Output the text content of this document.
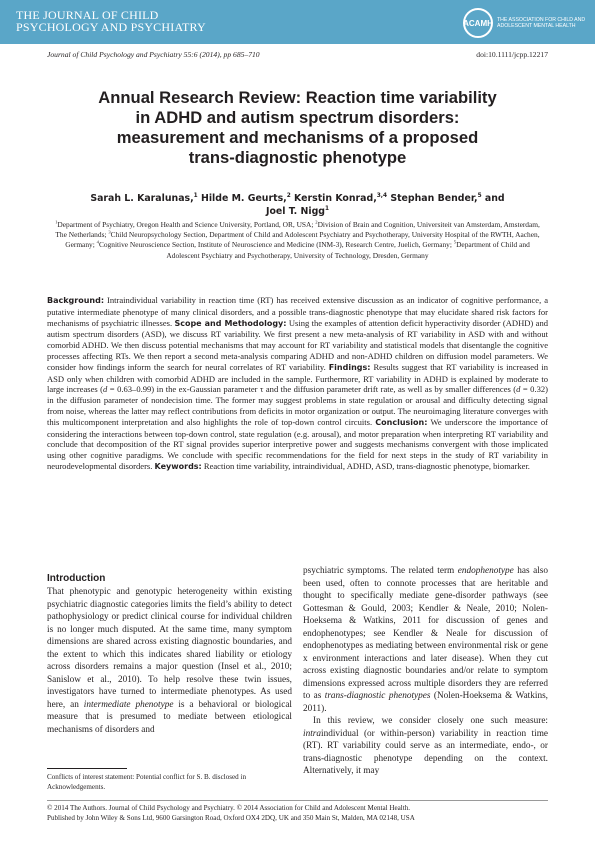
THE JOURNAL OF CHILD
PSYCHOLOGY AND PSYCHIATRY	ACAMH THE ASSOCIATION FOR CHILD AND ADOLESCENT MENTAL HEALTH
Journal of Child Psychology and Psychiatry 55:6 (2014), pp 685–710	doi:10.1111/jcpp.12217
Annual Research Review: Reaction time variability
in ADHD and autism spectrum disorders:
measurement and mechanisms of a proposed
trans-diagnostic phenotype
Sarah L. Karalunas,$^1$ Hilde M. Geurts,$^2$ Kerstin Konrad,$^{3,4}$ Stephan Bender,$^5$ and
Joel T. Nigg$^1$
$^1$Department of Psychiatry, Oregon Health and Science University, Portland, OR, USA; $^2$Division of Brain and Cognition, Universiteit van Amsterdam, Amsterdam, The Netherlands; $^3$Child Neuropsychology Section, Department of Child and Adolescent Psychiatry and Psychotherapy, University Hospital of the RWTH, Aachen, Germany; $^4$Cognitive Neuroscience Section, Institute of Neuroscience and Medicine (INM-3), Research Centre, Juelich, Germany; $^5$Department of Child and Adolescent Psychiatry and Psychotherapy, University of Technology, Dresden, Germany
Background: Intraindividual variability in reaction time (RT) has received extensive discussion as an indicator of cognitive performance, a putative intermediate phenotype of many clinical disorders, and a possible trans-diagnostic phenotype that may elucidate shared risk factors for mechanisms of psychiatric illnesses. Scope and Methodology: Using the examples of attention deficit hyperactivity disorder (ADHD) and autism spectrum disorders (ASD), we discuss RT variability. We first present a new meta-analysis of RT variability in ASD with and without comorbid ADHD. We then discuss potential mechanisms that may account for RT variability and statistical models that disentangle the cognitive processes affecting RTs. We then report a second meta-analysis comparing ADHD and non-ADHD children on diffusion model parameters. We consider how findings inform the search for neural correlates of RT variability. Findings: Results suggest that RT variability is increased in ASD only when children with comorbid ADHD are included in the sample. Furthermore, RT variability in ADHD is explained by moderate to large increases (d = 0.63–0.99) in the ex-Gaussian parameter τ and the diffusion parameter drift rate, as well as by smaller differences (d = 0.32) in the diffusion parameter of nondecision time. The former may suggest problems in state regulation or arousal and difficulty detecting signal from noise, whereas the latter may reflect contributions from deficits in motor organization or output. The neuroimaging literature converges with this multicomponent interpretation and also highlights the role of top-down control circuits. Conclusion: We underscore the importance of considering the interactions between top-down control, state regulation (e.g. arousal), and motor preparation when interpreting RT variability and conclude that decomposition of the RT signal provides superior interpretive power and suggests mechanisms convergent with those implicated using other cognitive paradigms. We conclude with specific recommendations for the field for next steps in the study of RT variability in neurodevelopmental disorders. Keywords: Reaction time variability, intraindividual, ADHD, ASD, trans-diagnostic phenotype, biomarker.
Introduction

That phenotypic and genotypic heterogeneity within existing psychiatric diagnostic categories limits the field’s ability to detect pathophysiology or predict clinical course for individual children is no longer much disputed. At the same time, many symptom dimensions are shared across existing diagnostic boundaries, and the extent to which this indicates shared liability or etiology across disorders remains a major question (Insel et al., 2010; Sanislow et al., 2010). To help resolve these twin issues, investigators have turned to intermediate phenotypes. As used here, an intermediate phenotype is a behavioral or biological measure that is presumed to mediate between etiological mechanisms of disorders and

psychiatric symptoms. The related term endophenotype has also been used, often to connote processes that are heritable and thought to specifically mediate gene-disorder pathways (see Gottesman & Gould, 2003; Kendler & Neale, 2010; Nolen-Hoeksema & Watkins, 2011 for discussion of genes and endophenotypes; see Kendler & Neale for discussion of endophenotypes as mediating between environmental risk or gene x environment interactions and later disease). When they cut across existing diagnostic boundaries and/or relate to symptom dimensions expressed across multiple disorders they are referred to as trans-diagnostic phenotypes (Nolen-Hoeksema & Watkins, 2011).

In this review, we consider closely one such measure: intraindividual (or within-person) variability in reaction time (RT). RT variability could serve as an intermediate, endo-, or trans-diagnostic phenotype depending on the context. Alternatively, it may

Conflicts of interest statement: Potential conflict for S. B. disclosed in Acknowledgements.
© 2014 The Authors. Journal of Child Psychology and Psychiatry. © 2014 Association for Child and Adolescent Mental Health.
Published by John Wiley & Sons Ltd, 9600 Garsington Road, Oxford OX4 2DQ, UK and 350 Main St, Malden, MA 02148, USA
